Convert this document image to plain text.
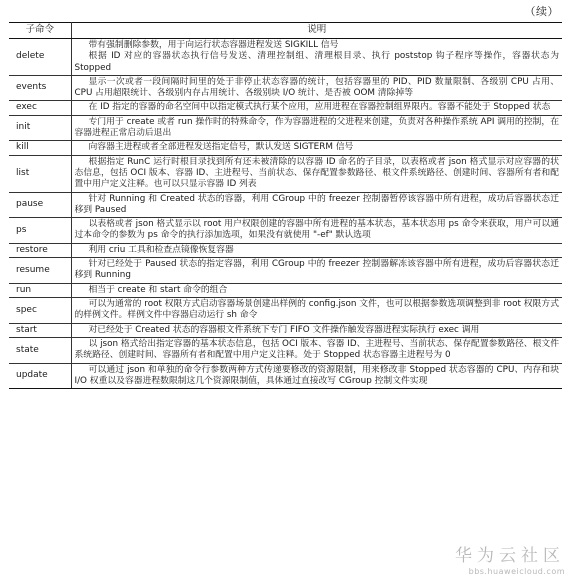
（续）
子命令	说明
delete	带有强制删除参数，用于向运行状态容器进程发送 SIGKILL 信号
根据 ID 对应的容器状态执行信号发送、清理控制组、清理根目录、执行 poststop 钩子程序等操作，容器状态为 Stopped

events	显示一次或者一段间隔时间里的处于非停止状态容器的统计，包括容器里的 PID、PID 数量限制、各级别 CPU 占用、CPU 占用超限统计、各级别内存占用统计、各级别块 I/O 统计、是否被 OOM 清除掉等

exec	在 ID 指定的容器的命名空间中以指定模式执行某个应用，应用进程在容器控制组界限内。容器不能处于 Stopped 状态

init	专门用于 create 或者 run 操作时的特殊命令，作为容器进程的父进程来创建，负责对各种操作系统 API 调用的控制，在容器进程正常启动后退出

kill	向容器主进程或者全部进程发送指定信号，默认发送 SIGTERM 信号

list	根据指定 RunC 运行时根目录找到所有还未被清除的以容器 ID 命名的子目录，以表格或者 json 格式显示对应容器的状态信息，包括 OCI 版本、容器 ID、主进程号、当前状态、保存配置参数路径、根文件系统路径、创建时间、容器所有者和配置中用户定义注释。也可以只显示容器 ID 列表

pause	针对 Running 和 Created 状态的容器，利用 CGroup 中的 freezer 控制器暂停该容器中所有进程，成功后容器状态迁移到 Paused

ps	以表格或者 json 格式显示以 root 用户权限创建的容器中所有进程的基本状态，基本状态用 ps 命令来获取，用户可以通过本命令的参数为 ps 命令的执行添加选项，如果没有就使用 "-ef" 默认选项

restore	利用 criu 工具和检查点镜像恢复容器

resume	针对已经处于 Paused 状态的指定容器，利用 CGroup 中的 freezer 控制器解冻该容器中所有进程，成功后容器状态迁移到 Running

run	相当于 create 和 start 命令的组合

spec	可以为通常的 root 权限方式启动容器场景创建出样例的 config.json 文件，也可以根据参数选项调整到非 root 权限方式的样例文件。样例文件中容器启动运行 sh 命令

start	对已经处于 Created 状态的容器根文件系统下专门 FIFO 文件操作触发容器进程实际执行 exec 调用

state	以 json 格式给出指定容器的基本状态信息，包括 OCI 版本、容器 ID、主进程号、当前状态、保存配置参数路径、根文件系统路径、创建时间、容器所有者和配置中用户定义注释。处于 Stopped 状态容器主进程号为 0

update	可以通过 json 和单独的命令行参数两种方式传递要修改的资源限制，用来修改非 Stopped 状态容器的 CPU、内存和块 I/O 权重以及容器进程数限制这几个资源限制值，具体通过直接改写 CGroup 控制文件实现
华为云社区
bbs.huaweicloud.com
